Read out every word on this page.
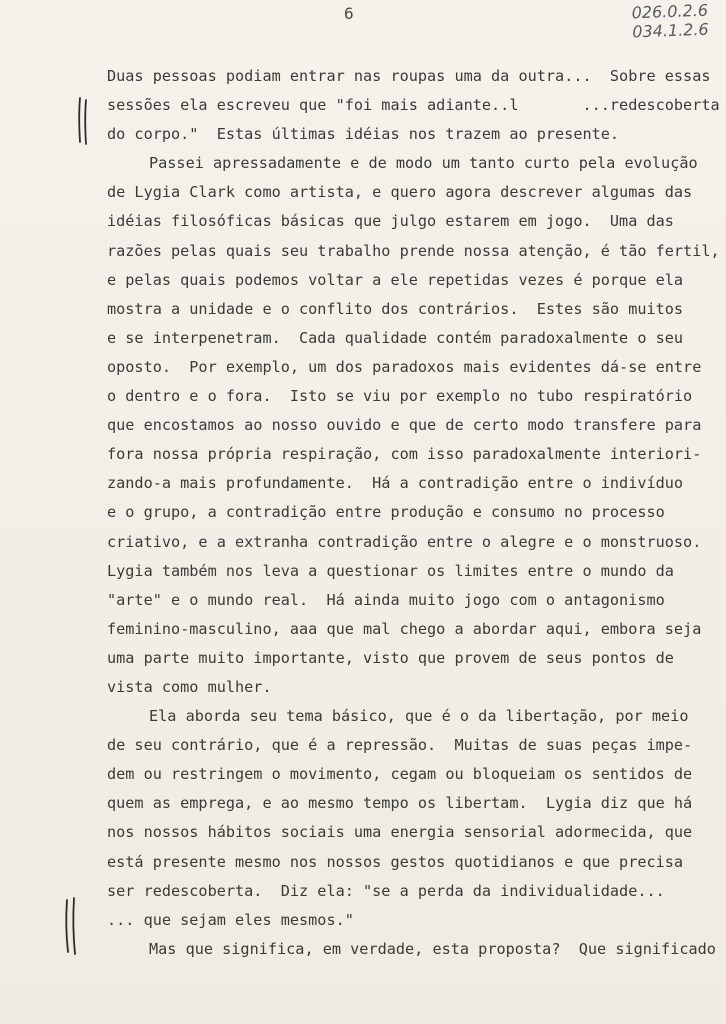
6	026.0.2.6
034.1.2.6
Duas pessoas podiam entrar nas roupas uma da outra...  Sobre essas
sessões ela escreveu que "foi mais adiante..l       ...redescoberta
do corpo."  Estas últimas idéias nos trazem ao presente.
Passei apressadamente e de modo um tanto curto pela evolução
de Lygia Clark como artista, e quero agora descrever algumas das
idéias filosóficas básicas que julgo estarem em jogo.  Uma das
razões pelas quais seu trabalho prende nossa atenção, é tão fertil,
e pelas quais podemos voltar a ele repetidas vezes é porque ela
mostra a unidade e o conflito dos contrários.  Estes são muitos
e se interpenetram.  Cada qualidade contém paradoxalmente o seu
oposto.  Por exemplo, um dos paradoxos mais evidentes dá-se entre
o dentro e o fora.  Isto se viu por exemplo no tubo respiratório
que encostamos ao nosso ouvido e que de certo modo transfere para
fora nossa própria respiração, com isso paradoxalmente interiori-
zando-a mais profundamente.  Há a contradição entre o indivíduo
e o grupo, a contradição entre produção e consumo no processo
criativo, e a extranha contradição entre o alegre e o monstruoso.
Lygia também nos leva a questionar os limites entre o mundo da
"arte" e o mundo real.  Há ainda muito jogo com o antagonismo
feminino-masculino, aaa que mal chego a abordar aqui, embora seja
uma parte muito importante, visto que provem de seus pontos de
vista como mulher.
Ela aborda seu tema básico, que é o da libertação, por meio
de seu contrário, que é a repressão.  Muitas de suas peças impe-
dem ou restringem o movimento, cegam ou bloqueiam os sentidos de
quem as emprega, e ao mesmo tempo os libertam.  Lygia diz que há
nos nossos hábitos sociais uma energia sensorial adormecida, que
está presente mesmo nos nossos gestos quotidianos e que precisa
ser redescoberta.  Diz ela: "se a perda da individualidade...
... que sejam eles mesmos."
Mas que significa, em verdade, esta proposta?  Que significado
